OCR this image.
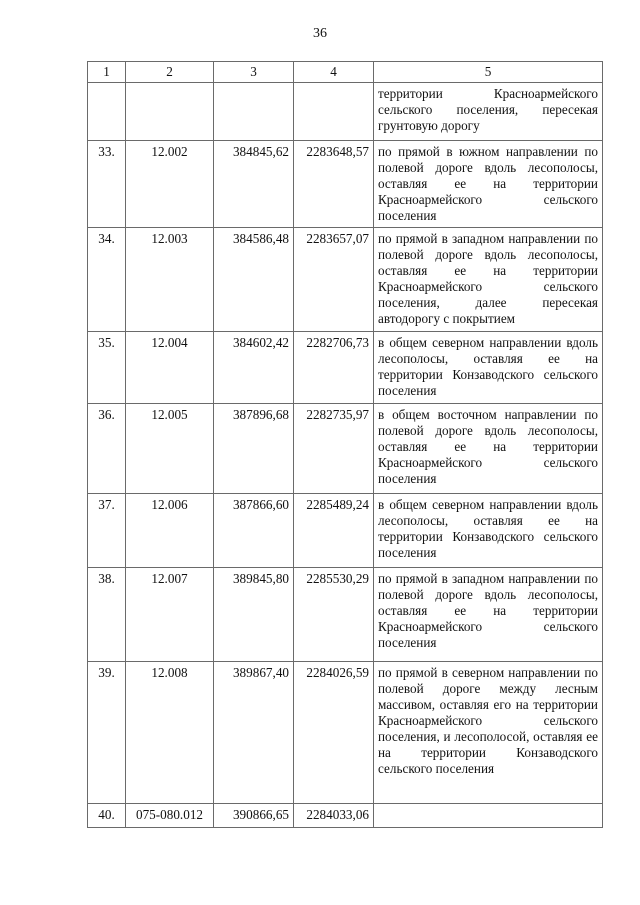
36
1	2	3	4	5
				территории Красноармейского сельского поселения, пересекая грунтовую дорогу
33.	12.002	384845,62	2283648,57	по прямой в южном направлении по полевой дороге вдоль лесополосы, оставляя ее на территории Красноармейского сельского поселения
34.	12.003	384586,48	2283657,07	по прямой в западном направлении по полевой дороге вдоль лесополосы, оставляя ее на территории Красноармейского сельского поселения, далее пересекая автодорогу с покрытием
35.	12.004	384602,42	2282706,73	в общем северном направлении вдоль лесополосы, оставляя ее на территории Конзаводского сельского поселения
36.	12.005	387896,68	2282735,97	в общем восточном направлении по полевой дороге вдоль лесополосы, оставляя ее на территории Красноармейского сельского поселения
37.	12.006	387866,60	2285489,24	в общем северном направлении вдоль лесополосы, оставляя ее на территории Конзаводского сельского поселения
38.	12.007	389845,80	2285530,29	по прямой в западном направлении по полевой дороге вдоль лесополосы, оставляя ее на территории Красноармейского сельского поселения
39.	12.008	389867,40	2284026,59	по прямой в северном направлении по полевой дороге между лесным массивом, оставляя его на территории Красноармейского сельского поселения, и лесополосой, оставляя ее на территории Конзаводского сельского поселения
40.	075-080.012	390866,65	2284033,06	
